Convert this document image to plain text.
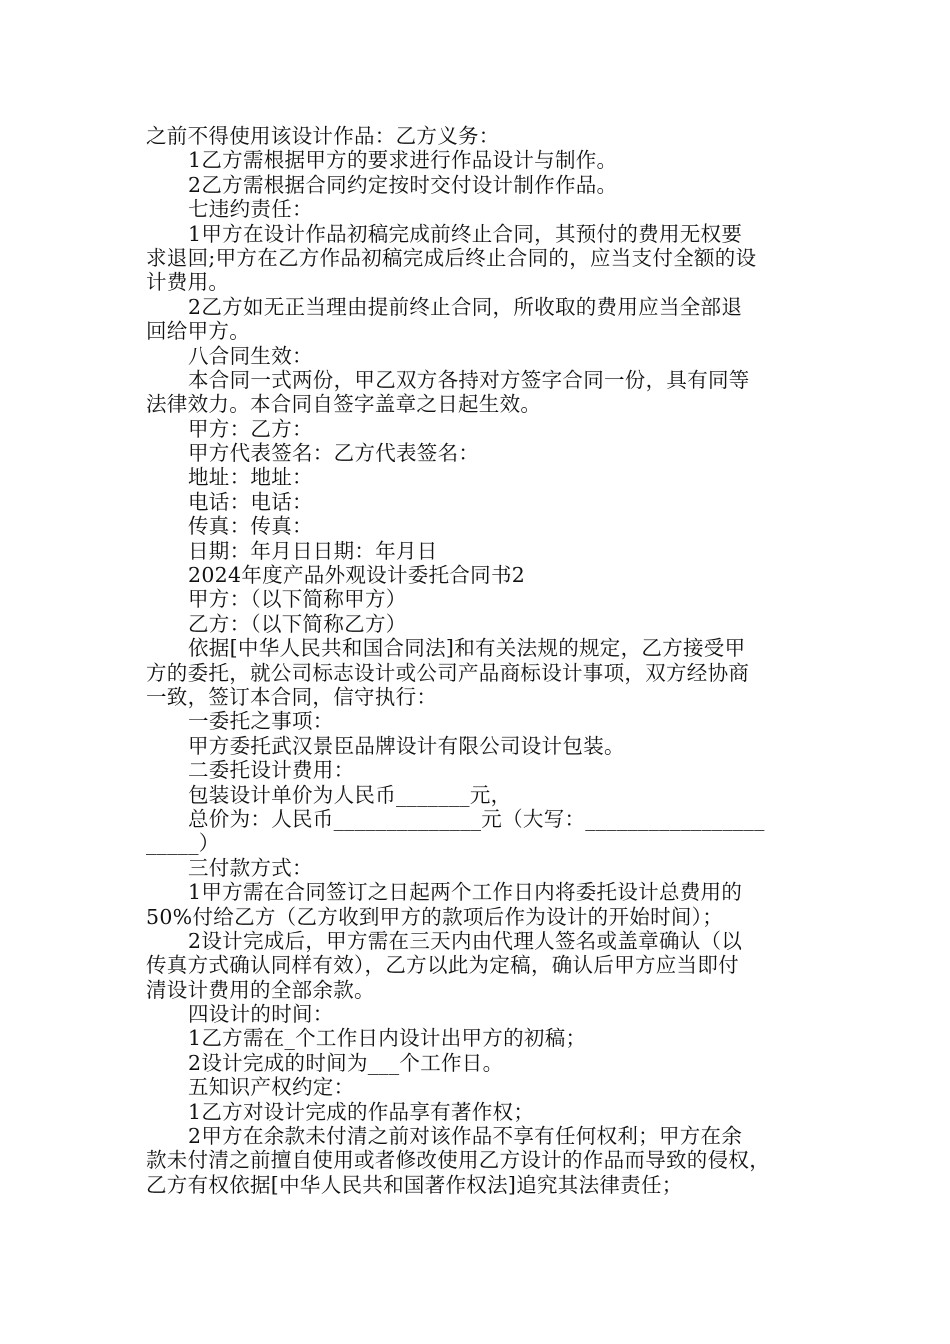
之前不得使用该设计作品：乙方义务：
1乙方需根据甲方的要求进行作品设计与制作。
2乙方需根据合同约定按时交付设计制作作品。
七违约责任：
1甲方在设计作品初稿完成前终止合同，其预付的费用无权要
求退回;甲方在乙方作品初稿完成后终止合同的，应当支付全额的设
计费用。
2乙方如无正当理由提前终止合同，所收取的费用应当全部退
回给甲方。
八合同生效：
本合同一式两份，甲乙双方各持对方签字合同一份，具有同等
法律效力。本合同自签字盖章之日起生效。
甲方：乙方：
甲方代表签名：乙方代表签名：
地址：地址：
电话：电话：
传真：传真：
日期：年月日日期：年月日
2024年度产品外观设计委托合同书2
甲方：（以下简称甲方）
乙方：（以下简称乙方）
依据[中华人民共和国合同法]和有关法规的规定，乙方接受甲
方的委托，就公司标志设计或公司产品商标设计事项，双方经协商
一致，签订本合同，信守执行：
一委托之事项：
甲方委托武汉景臣品牌设计有限公司设计包装。
二委托设计费用：
包装设计单价为人民币_______元，
总价为：人民币______________元（大写：_________________
_____）
三付款方式：
1甲方需在合同签订之日起两个工作日内将委托设计总费用的
50%付给乙方（乙方收到甲方的款项后作为设计的开始时间）；
2设计完成后，甲方需在三天内由代理人签名或盖章确认（以
传真方式确认同样有效），乙方以此为定稿，确认后甲方应当即付
清设计费用的全部余款。
四设计的时间：
1乙方需在_个工作日内设计出甲方的初稿；
2设计完成的时间为___个工作日。
五知识产权约定：
1乙方对设计完成的作品享有著作权；
2甲方在余款未付清之前对该作品不享有任何权利；甲方在余
款未付清之前擅自使用或者修改使用乙方设计的作品而导致的侵权，
乙方有权依据[中华人民共和国著作权法]追究其法律责任；
